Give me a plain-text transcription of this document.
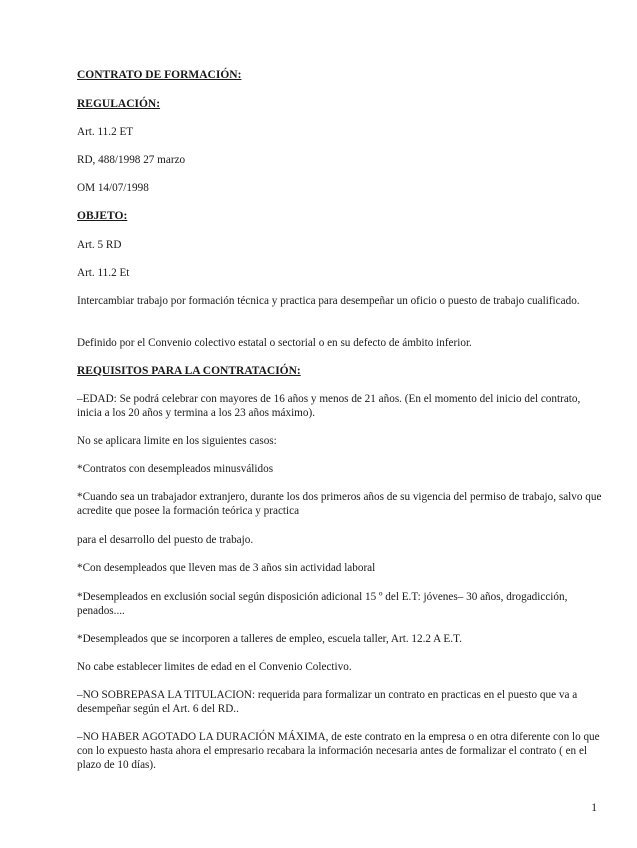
CONTRATO DE FORMACIÓN:
REGULACIÓN:
Art. 11.2 ET
RD, 488/1998 27 marzo
OM 14/07/1998
OBJETO:
Art. 5 RD
Art. 11.2 Et
Intercambiar trabajo por formación técnica y practica para desempeñar un oficio o puesto de trabajo cualificado.
Definido por el Convenio colectivo estatal o sectorial o en su defecto de ámbito inferior.
REQUISITOS PARA LA CONTRATACIÓN:
–EDAD: Se podrá celebrar con mayores de 16 años y menos de 21 años. (En el momento del inicio del contrato, inicia a los 20 años y termina a los 23 años máximo).
No se aplicara limite en los siguientes casos:
*Contratos con desempleados minusválidos
*Cuando sea un trabajador extranjero, durante los dos primeros años de su vigencia del permiso de trabajo, salvo que acredite que posee la formación teórica y practica
para el desarrollo del puesto de trabajo.
*Con desempleados que lleven mas de 3 años sin actividad laboral
*Desempleados en exclusión social según disposición adicional 15 º del E.T: jóvenes– 30 años, drogadicción, penados....
*Desempleados que se incorporen a talleres de empleo, escuela taller, Art. 12.2 A E.T.
No cabe establecer limites de edad en el Convenio Colectivo.
–NO SOBREPASA LA TITULACION: requerida para formalizar un contrato en practicas en el puesto que va a desempeñar según el Art. 6 del RD..
–NO HABER AGOTADO LA DURACIÓN MÁXIMA, de este contrato en la empresa o en otra diferente con lo que con lo expuesto hasta ahora el empresario recabara la información necesaria antes de formalizar el contrato ( en el plazo de 10 días).
1
